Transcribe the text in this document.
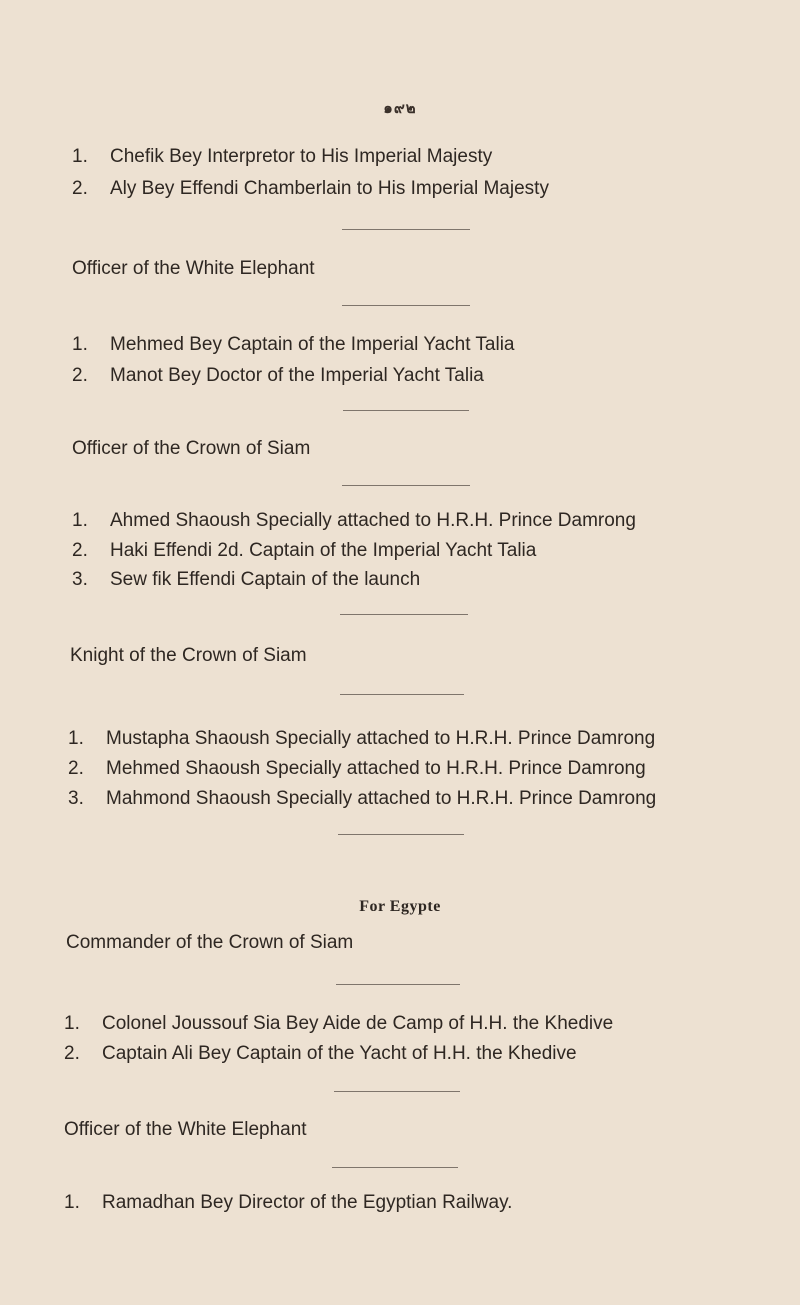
๑๙๒
1. Chefik Bey Interpretor to His Imperial Majesty
2. Aly Bey Effendi Chamberlain to His Imperial Majesty
Officer of the White Elephant
1. Mehmed Bey Captain of the Imperial Yacht Talia
2. Manot Bey Doctor of the Imperial Yacht Talia
Officer of the Crown of Siam
1. Ahmed Shaoush Specially attached to H.R.H. Prince Damrong
2. Haki Effendi 2d. Captain of the Imperial Yacht Talia
3. Sew fik Effendi Captain of the launch
Knight of the Crown of Siam
1. Mustapha Shaoush Specially attached to H.R.H. Prince Damrong
2. Mehmed Shaoush Specially attached to H.R.H. Prince Damrong
3. Mahmond Shaoush Specially attached to H.R.H. Prince Damrong
For Egypte
Commander of the Crown of Siam
1. Colonel Joussouf Sia Bey Aide de Camp of H.H. the Khedive
2. Captain Ali Bey Captain of the Yacht of H.H. the Khedive
Officer of the White Elephant
1. Ramadhan Bey Director of the Egyptian Railway.
